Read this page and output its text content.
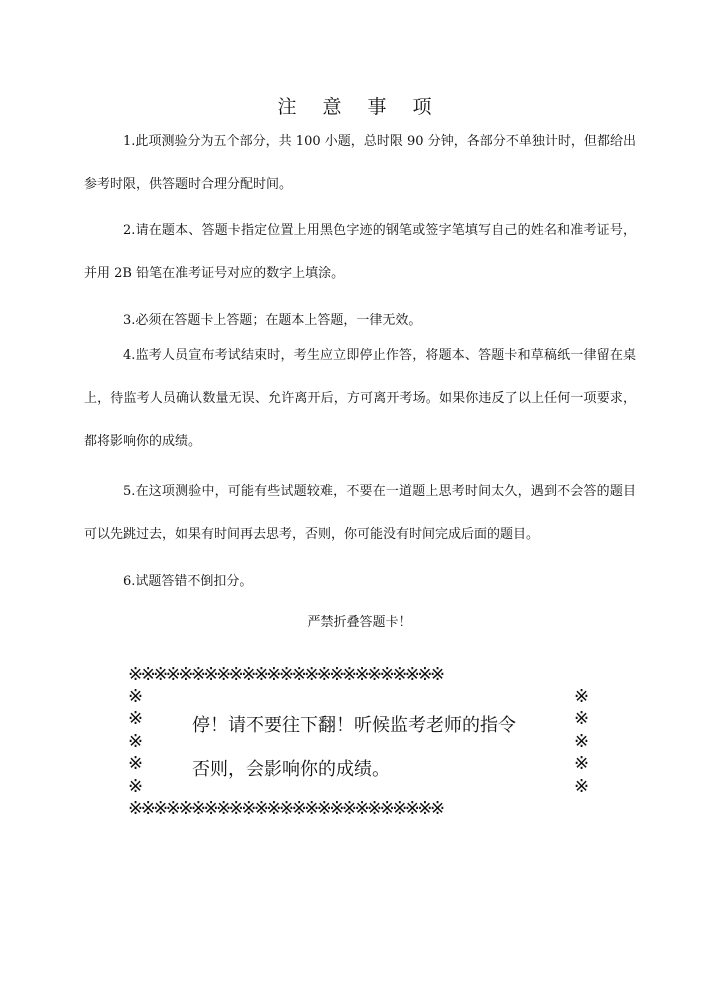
注 意 事 项

1.此项测验分为五个部分，共 100 小题，总时限 90 分钟，各部分不单独计时，但都给出参考时限，供答题时合理分配时间。

2.请在题本、答题卡指定位置上用黑色字迹的钢笔或签字笔填写自己的姓名和准考证号，并用 2B 铅笔在准考证号对应的数字上填涂。

3.必须在答题卡上答题；在题本上答题，一律无效。

4.监考人员宣布考试结束时，考生应立即停止作答，将题本、答题卡和草稿纸一律留在桌上，待监考人员确认数量无误、允许离开后，方可离开考场。如果你违反了以上任何一项要求，都将影响你的成绩。

5.在这项测验中，可能有些试题较难，不要在一道题上思考时间太久，遇到不会答的题目可以先跳过去，如果有时间再去思考，否则，你可能没有时间完成后面的题目。

6.试题答错不倒扣分。

严禁折叠答题卡！

※※※※※※※※※※※※※※※※※※※※※※※※※
※
※
※
※
※
※
※
※
※
※
停！请不要往下翻！听候监考老师的指令
否则，会影响你的成绩。
※※※※※※※※※※※※※※※※※※※※※※※※※
